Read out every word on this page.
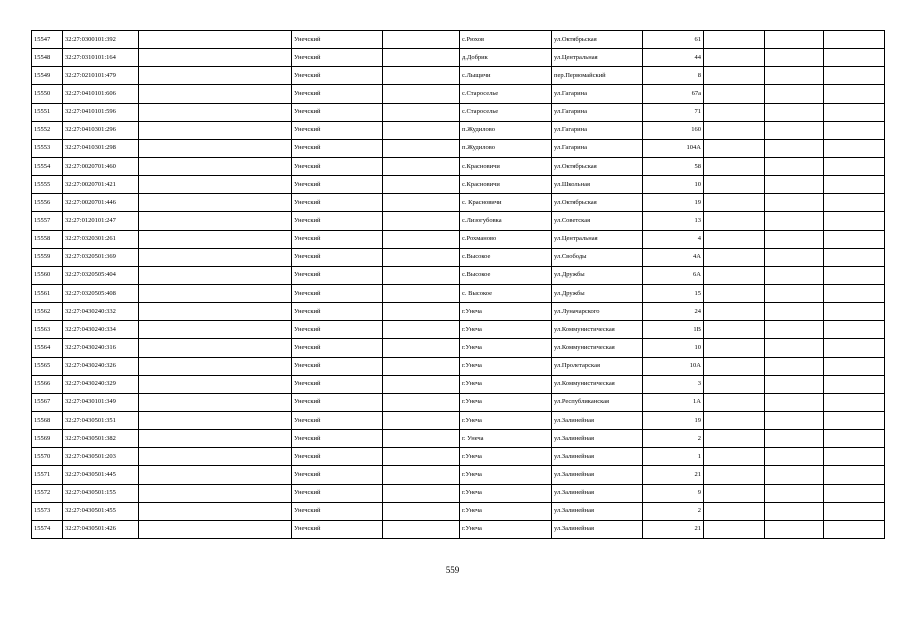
15547	32:27:0300101:392		Унечский		с.Рюхов	ул.Октябрьская	61			
15548	32:27:0310101:164		Унечский		д.Добрик	ул.Центральная	44			
15549	32:27:0210101:479		Унечский		с.Лыщичи	пер.Первомайский	8			
15550	32:27:0410101:606		Унечский		с.Староселье	ул.Гагарина	67а			
15551	32:27:0410101:596		Унечский		с.Староселье	ул.Гагарина	71			
15552	32:27:0410301:296		Унечский		п.Жудилово	ул.Гагарина	160			
15553	32:27:0410301:298		Унечский		п.Жудилово	ул.Гагарина	104А			
15554	32:27:0020701:460		Унечский		с.Красновичи	ул.Октябрьская	58			
15555	32:27:0020701:421		Унечский		с.Красновичи	ул.Школьная	10			
15556	32:27:0020701:446		Унечский		с. Красновичи	ул.Октябрьская	19			
15557	32:27:0120101:247		Унечский		с.Лизогубовка	ул.Советская	13			
15558	32:27:0320301:261		Унечский		с.Рохманово	ул.Центральная	4			
15559	32:27:0320501:369		Унечский		с.Высокое	ул.Свободы	4А			
15560	32:27:0320505:404		Унечский		с.Высокое	ул.Дружбы	6А			
15561	32:27:0320505:408		Унечский		с. Высокое	ул.Дружбы	15			
15562	32:27:0430240:332		Унечский		г.Унеча	ул.Луначарского	24			
15563	32:27:0430240:334		Унечский		г.Унеча	ул.Коммунистическая	1В			
15564	32:27:0430240:316		Унечский		г.Унеча	ул.Коммунистическая	10			
15565	32:27:0430240:326		Унечский		г.Унеча	ул.Пролетарская	10А			
15566	32:27:0430240:329		Унечский		г.Унеча	ул.Коммунистическая	3			
15567	32:27:0430101:349		Унечский		г.Унеча	ул.Республиканская	1А			
15568	32:27:0430501:351		Унечский		г.Унеча	ул.Залинейная	19			
15569	32:27:0430501:382		Унечский		г. Унеча	ул.Залинейная	2			
15570	32:27:0430501:203		Унечский		г.Унеча	ул.Залинейная	1			
15571	32:27:0430501:445		Унечский		г.Унеча	ул.Залинейная	21			
15572	32:27:0430501:155		Унечский		г.Унеча	ул.Залинейная	9			
15573	32:27:0430501:455		Унечский		г.Унеча	ул.Залинейная	2			
15574	32:27:0430501:426		Унечский		г.Унеча	ул.Залинейная	21			
559
